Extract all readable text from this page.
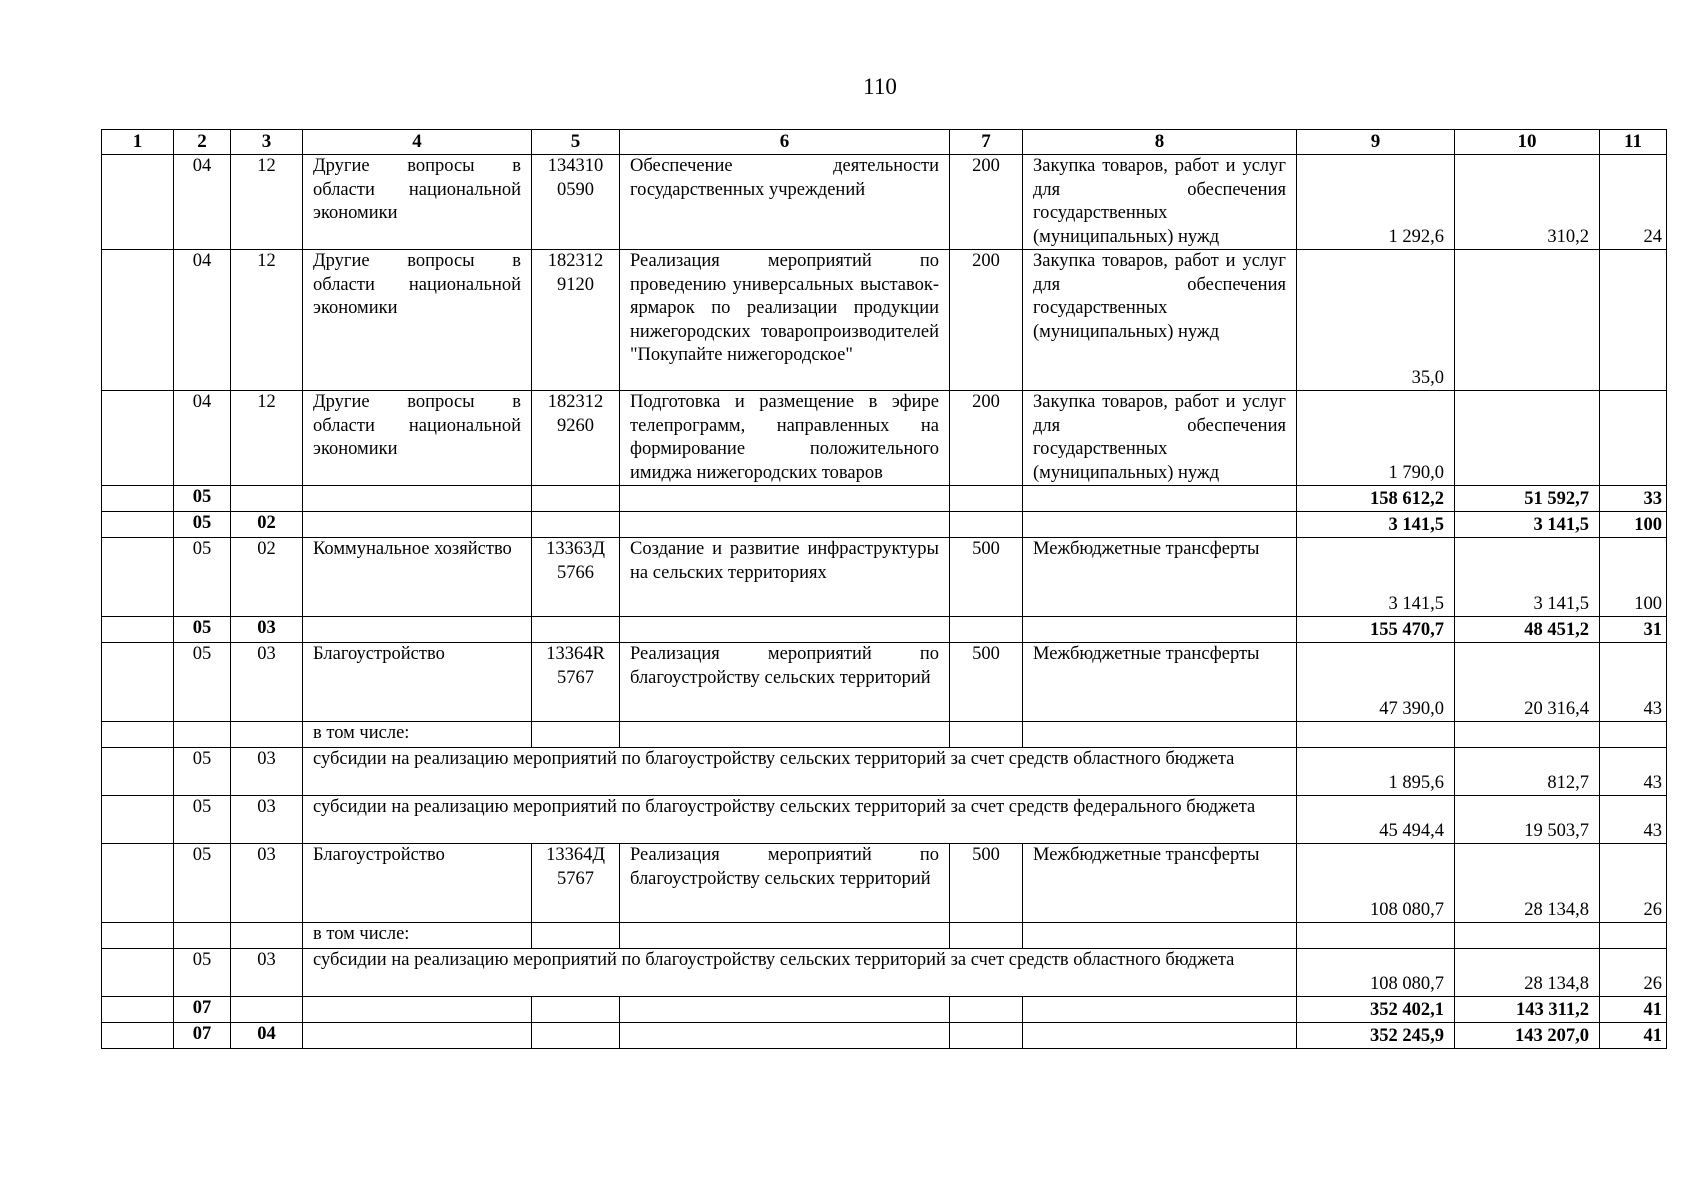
110
1	2	3	4	5	6	7	8	9	10	11
	04	12	Другие вопросы в области национальной экономики	134310 0590	Обеспечение деятельности государственных учреждений	200	Закупка товаров, работ и услуг для обеспечения государственных (муниципальных) нужд	1 292,6	310,2	24
	04	12	Другие вопросы в области национальной экономики	182312 9120	Реализация мероприятий по проведению универсальных выставок-ярмарок по реализации продукции нижегородских товаропроизводителей "Покупайте нижегородское"	200	Закупка товаров, работ и услуг для обеспечения государственных (муниципальных) нужд	35,0		
	04	12	Другие вопросы в области национальной экономики	182312 9260	Подготовка и размещение в эфире телепрограмм, направленных на формирование положительного имиджа нижегородских товаров	200	Закупка товаров, работ и услуг для обеспечения государственных (муниципальных) нужд	1 790,0		
	05							158 612,2	51 592,7	33
	05	02						3 141,5	3 141,5	100
	05	02	Коммунальное хозяйство	13363Д 5766	Создание и развитие инфраструктуры на сельских территориях	500	Межбюджетные трансферты	3 141,5	3 141,5	100
	05	03						155 470,7	48 451,2	31
	05	03	Благоустройство	13364R 5767	Реализация мероприятий по благоустройству сельских территорий	500	Межбюджетные трансферты	47 390,0	20 316,4	43
			в том числе:							
	05	03	субсидии на реализацию мероприятий по благоустройству сельских территорий за счет средств областного бюджета					1 895,6	812,7	43
	05	03	субсидии на реализацию мероприятий по благоустройству сельских территорий за счет средств федерального бюджета					45 494,4	19 503,7	43
	05	03	Благоустройство	13364Д 5767	Реализация мероприятий по благоустройству сельских территорий	500	Межбюджетные трансферты	108 080,7	28 134,8	26
			в том числе:							
	05	03	субсидии на реализацию мероприятий по благоустройству сельских территорий за счет средств областного бюджета					108 080,7	28 134,8	26
	07							352 402,1	143 311,2	41
	07	04						352 245,9	143 207,0	41
